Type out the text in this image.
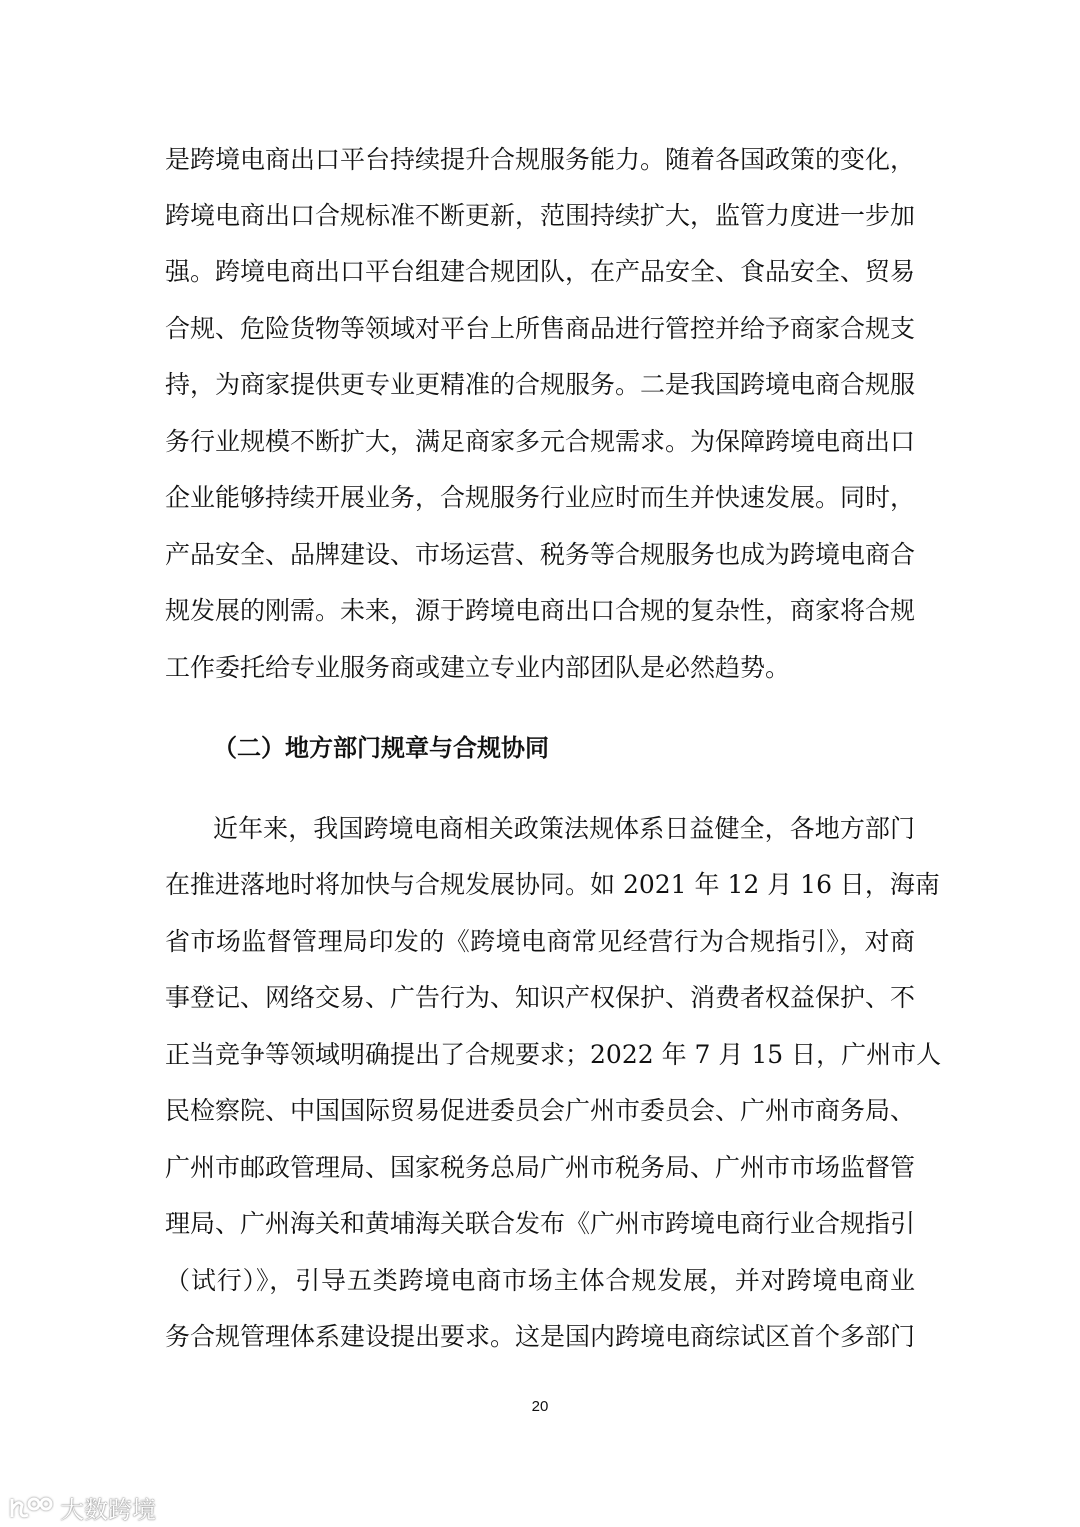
是跨境电商出口平台持续提升合规服务能力。随着各国政策的变化，
跨境电商出口合规标准不断更新，范围持续扩大，监管力度进一步加
强。跨境电商出口平台组建合规团队，在产品安全、食品安全、贸易
合规、危险货物等领域对平台上所售商品进行管控并给予商家合规支
持，为商家提供更专业更精准的合规服务。二是我国跨境电商合规服
务行业规模不断扩大，满足商家多元合规需求。为保障跨境电商出口
企业能够持续开展业务，合规服务行业应时而生并快速发展。同时，
产品安全、品牌建设、市场运营、税务等合规服务也成为跨境电商合
规发展的刚需。未来，源于跨境电商出口合规的复杂性，商家将合规
工作委托给专业服务商或建立专业内部团队是必然趋势。
（二）地方部门规章与合规协同
近年来，我国跨境电商相关政策法规体系日益健全，各地方部门
在推进落地时将加快与合规发展协同。如 2021 年 12 月 16 日，海南
省市场监督管理局印发的《跨境电商常见经营行为合规指引》，对商
事登记、网络交易、广告行为、知识产权保护、消费者权益保护、不
正当竞争等领域明确提出了合规要求；2022 年 7 月 15 日，广州市人
民检察院、中国国际贸易促进委员会广州市委员会、广州市商务局、
广州市邮政管理局、国家税务总局广州市税务局、广州市市场监督管
理局、广州海关和黄埔海关联合发布《广州市跨境电商行业合规指引
（试行）》，引导五类跨境电商市场主体合规发展，并对跨境电商业
务合规管理体系建设提出要求。这是国内跨境电商综试区首个多部门
20
大数跨境
